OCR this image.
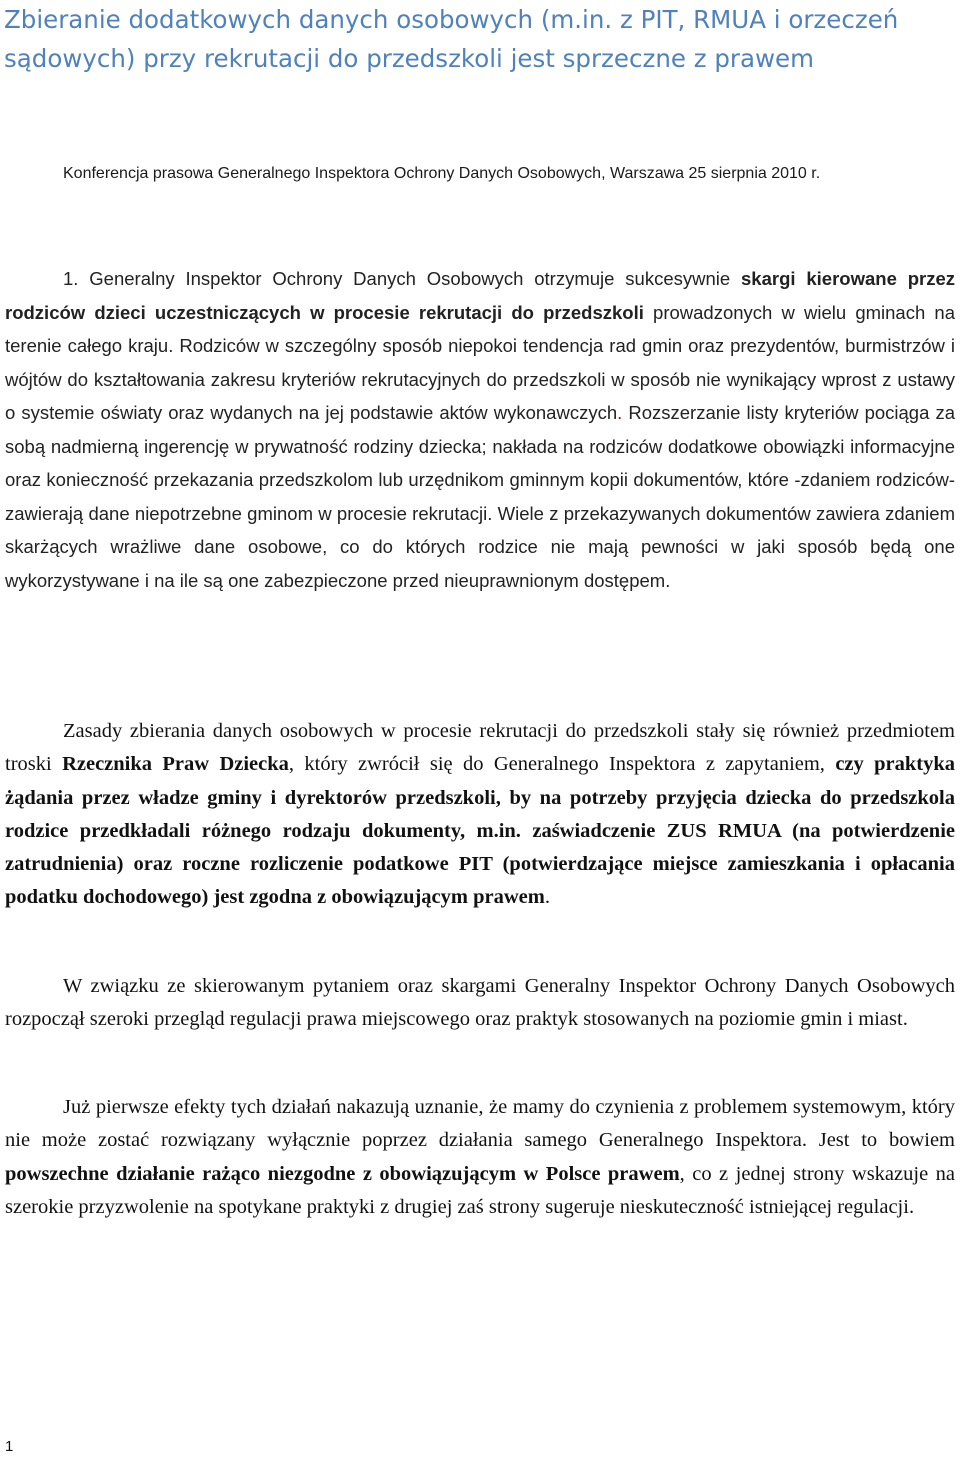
Zbieranie dodatkowych danych osobowych (m.in. z PIT, RMUA i orzeczeń sądowych) przy rekrutacji do przedszkoli jest sprzeczne z prawem

Konferencja prasowa Generalnego Inspektora Ochrony Danych Osobowych, Warszawa 25 sierpnia 2010 r.

1. Generalny Inspektor Ochrony Danych Osobowych otrzymuje sukcesywnie skargi kierowane przez rodziców dzieci uczestniczących w procesie rekrutacji do przedszkoli prowadzonych w wielu gminach na terenie całego kraju. Rodziców w szczególny sposób niepokoi tendencja rad gmin oraz prezydentów, burmistrzów i wójtów do kształtowania zakresu kryteriów rekrutacyjnych do przedszkoli w sposób nie wynikający wprost z ustawy o systemie oświaty oraz wydanych na jej podstawie aktów wykonawczych. Rozszerzanie listy kryteriów pociąga za sobą nadmierną ingerencję w prywatność rodziny dziecka; nakłada na rodziców dodatkowe obowiązki informacyjne oraz konieczność przekazania przedszkolom lub urzędnikom gminnym kopii dokumentów, które -zdaniem rodziców- zawierają dane niepotrzebne gminom w procesie rekrutacji. Wiele z przekazywanych dokumentów zawiera zdaniem skarżących wrażliwe dane osobowe, co do których rodzice nie mają pewności w jaki sposób będą one wykorzystywane i na ile są one zabezpieczone przed nieuprawnionym dostępem.

Zasady zbierania danych osobowych w procesie rekrutacji do przedszkoli stały się również przedmiotem troski Rzecznika Praw Dziecka, który zwrócił się do Generalnego Inspektora z zapytaniem, czy praktyka żądania przez władze gminy i dyrektorów przedszkoli, by na potrzeby przyjęcia dziecka do przedszkola rodzice przedkładali różnego rodzaju dokumenty, m.in. zaświadczenie ZUS RMUA (na potwierdzenie zatrudnienia) oraz roczne rozliczenie podatkowe PIT (potwierdzające miejsce zamieszkania i opłacania podatku dochodowego) jest zgodna z obowiązującym prawem.

W związku ze skierowanym pytaniem oraz skargami Generalny Inspektor Ochrony Danych Osobowych rozpoczął szeroki przegląd regulacji prawa miejscowego oraz praktyk stosowanych na poziomie gmin i miast.

Już pierwsze efekty tych działań nakazują uznanie, że mamy do czynienia z problemem systemowym, który nie może zostać rozwiązany wyłącznie poprzez działania samego Generalnego Inspektora. Jest to bowiem powszechne działanie rażąco niezgodne z obowiązującym w Polsce prawem, co z jednej strony wskazuje na szerokie przyzwolenie na spotykane praktyki z drugiej zaś strony sugeruje nieskuteczność istniejącej regulacji.

1
